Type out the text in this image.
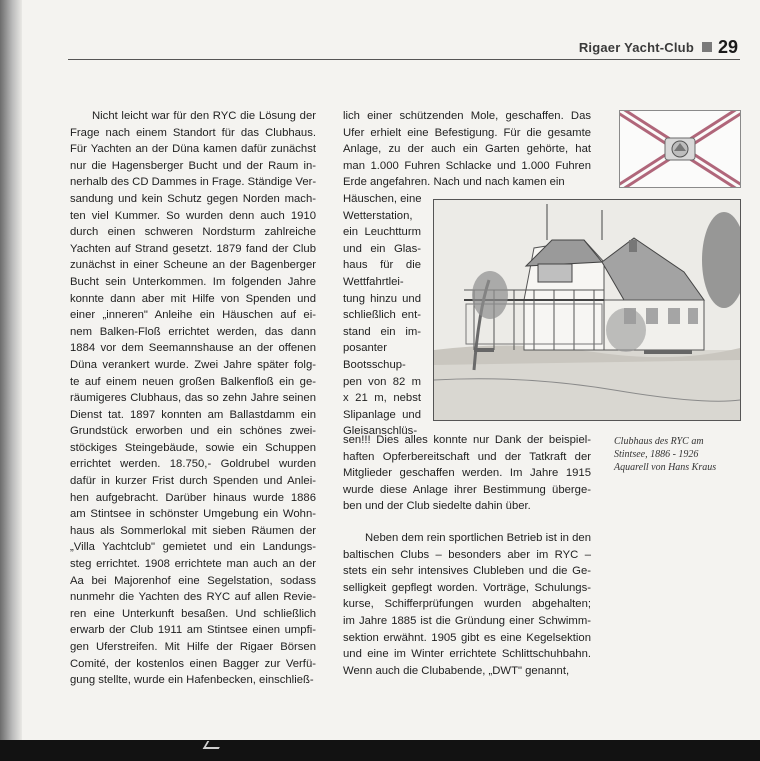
Rigaer Yacht-Club 29
Nicht leicht war für den RYC die Lösung der
Frage nach einem Standort für das Clubhaus.
Für Yachten an der Düna kamen dafür zunächst
nur die Hagensberger Bucht und der Raum in-
nerhalb des CD Dammes in Frage. Ständige Ver-
sandung und kein Schutz gegen Norden mach-
ten viel Kummer. So wurden denn auch 1910
durch einen schweren Nordsturm zahlreiche
Yachten auf Strand gesetzt. 1879 fand der Club
zunächst in einer Scheune an der Bagenberger
Bucht sein Unterkommen. Im folgenden Jahre
konnte dann aber mit Hilfe von Spenden und
einer „inneren" Anleihe ein Häuschen auf ei-
nem Balken-Floß errichtet werden, das dann
1884 vor dem Seemannshause an der offenen
Düna verankert wurde. Zwei Jahre später folg-
te auf einem neuen großen Balkenfloß ein ge-
räumigeres Clubhaus, das so zehn Jahre seinen
Dienst tat. 1897 konnten am Ballastdamm ein
Grundstück erworben und ein schönes zwei-
stöckiges Steingebäude, sowie ein Schuppen
errichtet werden. 18.750,- Goldrubel wurden
dafür in kurzer Frist durch Spenden und Anlei-
hen aufgebracht. Darüber hinaus wurde 1886
am Stintsee in schönster Umgebung ein Wohn-
haus als Sommerlokal mit sieben Räumen der
„Villa Yachtclub" gemietet und ein Landungs-
steg errichtet. 1908 errichtete man auch an der
Aa bei Majorenhof eine Segelstation, sodass
nunmehr die Yachten des RYC auf allen Revie-
ren eine Unterkunft besaßen. Und schließlich
erwarb der Club 1911 am Stintsee einen umpfi-
gen Uferstreifen. Mit Hilfe der Rigaer Börsen
Comité, der kostenlos einen Bagger zur Verfü-
gung stellte, wurde ein Hafenbecken, einschließ-
lich einer schützenden Mole, geschaffen. Das
Ufer erhielt eine Befestigung. Für die gesamte
Anlage, zu der auch ein Garten gehörte, hat
man 1.000 Fuhren Schlacke und 1.000 Fuhren
Erde angefahren. Nach und nach kamen ein
Häuschen, eine
Wetterstation,
ein Leuchtturm
und ein Glas-
haus für die
Wettfahrtlei-
tung hinzu und
schließlich ent-
stand ein im-
posanter
Bootsschup-
pen von 82 m
x 21 m, nebst
Slipanlage und
Gleisanschlüs-
sen!!! Dies alles konnte nur Dank der beispiel-
haften Opferbereitschaft und der Tatkraft der
Mitglieder geschaffen werden. Im Jahre 1915
wurde diese Anlage ihrer Bestimmung überge-
ben und der Club siedelte dahin über.
Neben dem rein sportlichen Betrieb ist in den
baltischen Clubs – besonders aber im RYC –
stets ein sehr intensives Clubleben und die Ge-
selligkeit gepflegt worden. Vorträge, Schulungs-
kurse, Schifferprüfungen wurden abgehalten;
im Jahre 1885 ist die Gründung einer Schwimm-
sektion erwähnt. 1905 gibt es eine Kegelsektion
und eine im Winter errichtete Schlittschuhbahn.
Wenn auch die Clubabende, „DWT" genannt,
Clubhaus des RYC am
Stintsee, 1886 - 1926
Aquarell von Hans Kraus
